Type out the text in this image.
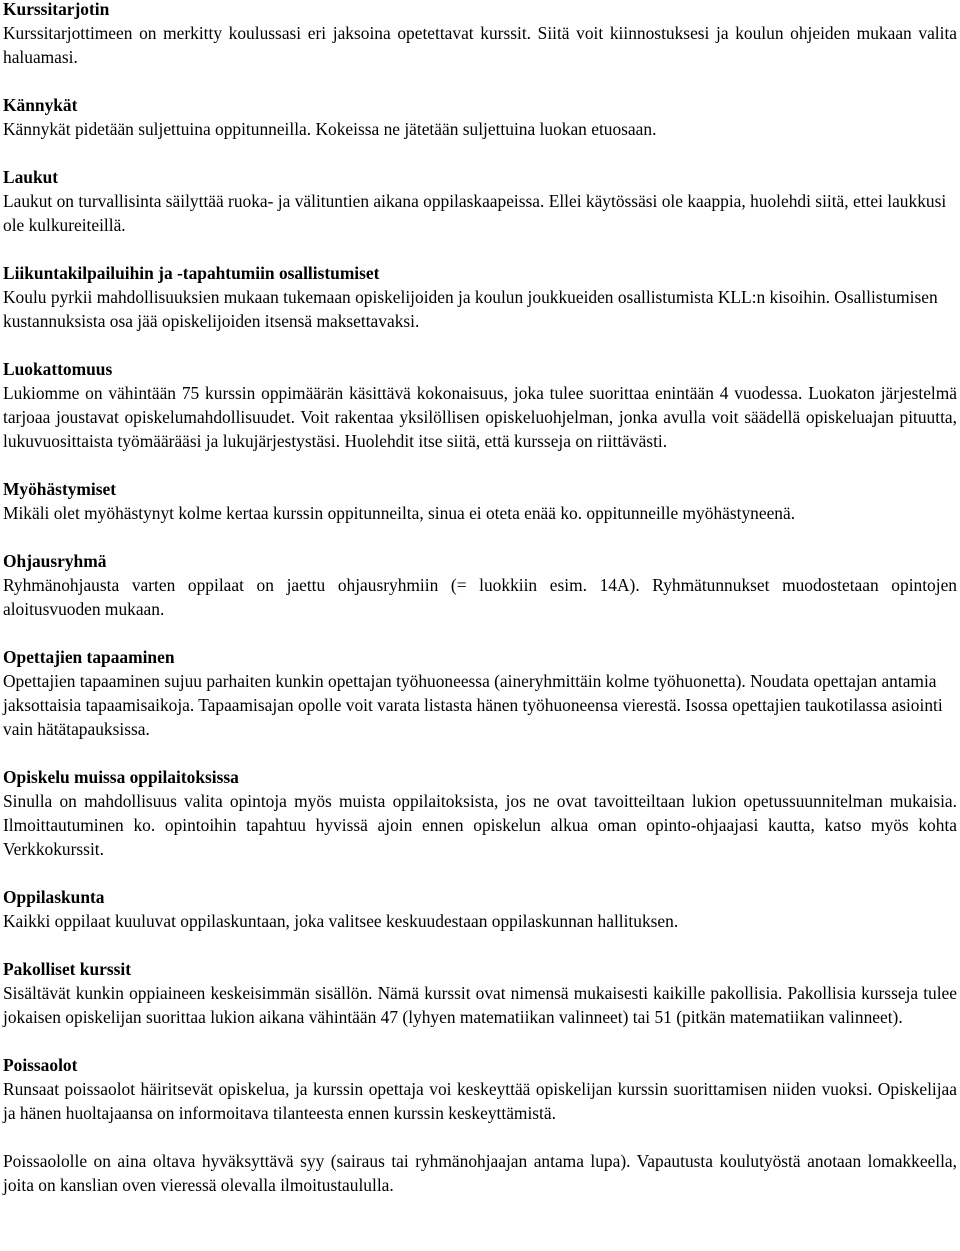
Kurssitarjotin

Kurssitarjottimeen on merkitty koulussasi eri jaksoina opetettavat kurssit. Siitä voit kiinnostuksesi ja koulun ohjeiden mukaan valita haluamasi.

Kännykät

Kännykät pidetään suljettuina oppitunneilla. Kokeissa ne jätetään suljettuina luokan etuosaan.

Laukut

Laukut on turvallisinta säilyttää ruoka- ja välituntien aikana oppilaskaapeissa. Ellei käytössäsi ole kaappia, huolehdi siitä, ettei laukkusi ole kulkureiteillä.

Liikuntakilpailuihin ja -tapahtumiin osallistumiset

Koulu pyrkii mahdollisuuksien mukaan tukemaan opiskelijoiden ja koulun joukkueiden osallistumista KLL:n kisoihin. Osallistumisen kustannuksista osa jää opiskelijoiden itsensä maksettavaksi.

Luokattomuus

Lukiomme on vähintään 75 kurssin oppimäärän käsittävä kokonaisuus, joka tulee suorittaa enintään 4 vuodessa. Luokaton järjestelmä tarjoaa joustavat opiskelumahdollisuudet. Voit rakentaa yksilöllisen opiskeluohjelman, jonka avulla voit säädellä opiskeluajan pituutta, lukuvuosittaista työmäärääsi ja lukujärjestystäsi. Huolehdit itse siitä, että kursseja on riittävästi.

Myöhästymiset

Mikäli olet myöhästynyt kolme kertaa kurssin oppitunneilta, sinua ei oteta enää ko. oppitunneille myöhästyneenä.

Ohjausryhmä

Ryhmänohjausta varten oppilaat on jaettu ohjausryhmiin (= luokkiin esim. 14A). Ryhmätunnukset muodostetaan opintojen aloitusvuoden mukaan.

Opettajien tapaaminen

Opettajien tapaaminen sujuu parhaiten kunkin opettajan työhuoneessa (aineryhmittäin kolme työhuonetta). Noudata opettajan antamia jaksottaisia tapaamisaikoja. Tapaamisajan opolle voit varata listasta hänen työhuoneensa vierestä. Isossa opettajien taukotilassa asiointi vain hätätapauksissa.

Opiskelu muissa oppilaitoksissa

Sinulla on mahdollisuus valita opintoja myös muista oppilaitoksista, jos ne ovat tavoitteiltaan lukion opetussuunnitelman mukaisia. Ilmoittautuminen ko. opintoihin tapahtuu hyvissä ajoin ennen opiskelun alkua oman opinto-ohjaajasi kautta, katso myös kohta Verkkokurssit.

Oppilaskunta

Kaikki oppilaat kuuluvat oppilaskuntaan, joka valitsee keskuudestaan oppilaskunnan hallituksen.

Pakolliset kurssit

Sisältävät kunkin oppiaineen keskeisimmän sisällön. Nämä kurssit ovat nimensä mukaisesti kaikille pakollisia. Pakollisia kursseja tulee jokaisen opiskelijan suorittaa lukion aikana vähintään 47 (lyhyen matematiikan valinneet) tai 51 (pitkän matematiikan valinneet).

Poissaolot

Runsaat poissaolot häiritsevät opiskelua, ja kurssin opettaja voi keskeyttää opiskelijan kurssin suorittamisen niiden vuoksi. Opiskelijaa ja hänen huoltajaansa on informoitava tilanteesta ennen kurssin keskeyttämistä.

Poissaololle on aina oltava hyväksyttävä syy (sairaus tai ryhmänohjaajan antama lupa). Vapautusta koulutyöstä anotaan lomakkeella, joita on kanslian oven vieressä olevalla ilmoitustaululla.
